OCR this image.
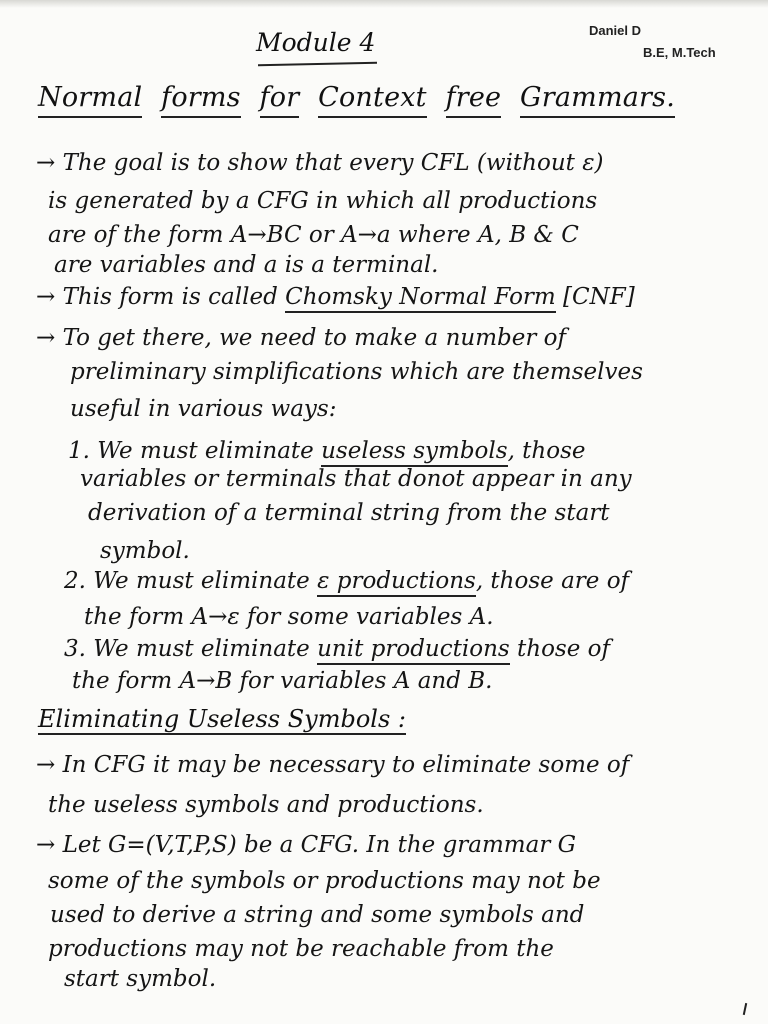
Daniel D
B.E, M.Tech
Module 4
Normal forms for Context free Grammars.
→ The goal is to show that every CFL (without ε)
is generated by a CFG in which all productions
are of the form A→BC or A→a where A, B & C
are variables and a is a terminal.
→ This form is called Chomsky Normal Form [CNF]
→ To get there, we need to make a number of
preliminary simplifications which are themselves
useful in various ways:
1. We must eliminate useless symbols, those
variables or terminals that donot appear in any
derivation of a terminal string from the start
symbol.
2. We must eliminate ε productions, those are of
the form A→ε for some variables A.
3. We must eliminate unit productions those of
the form A→B for variables A and B.
Eliminating Useless Symbols :
→ In CFG it may be necessary to eliminate some of
the useless symbols and productions.
→ Let G=(V,T,P,S) be a CFG. In the grammar G
some of the symbols or productions may not be
used to derive a string and some symbols and
productions may not be reachable from the
start symbol.
